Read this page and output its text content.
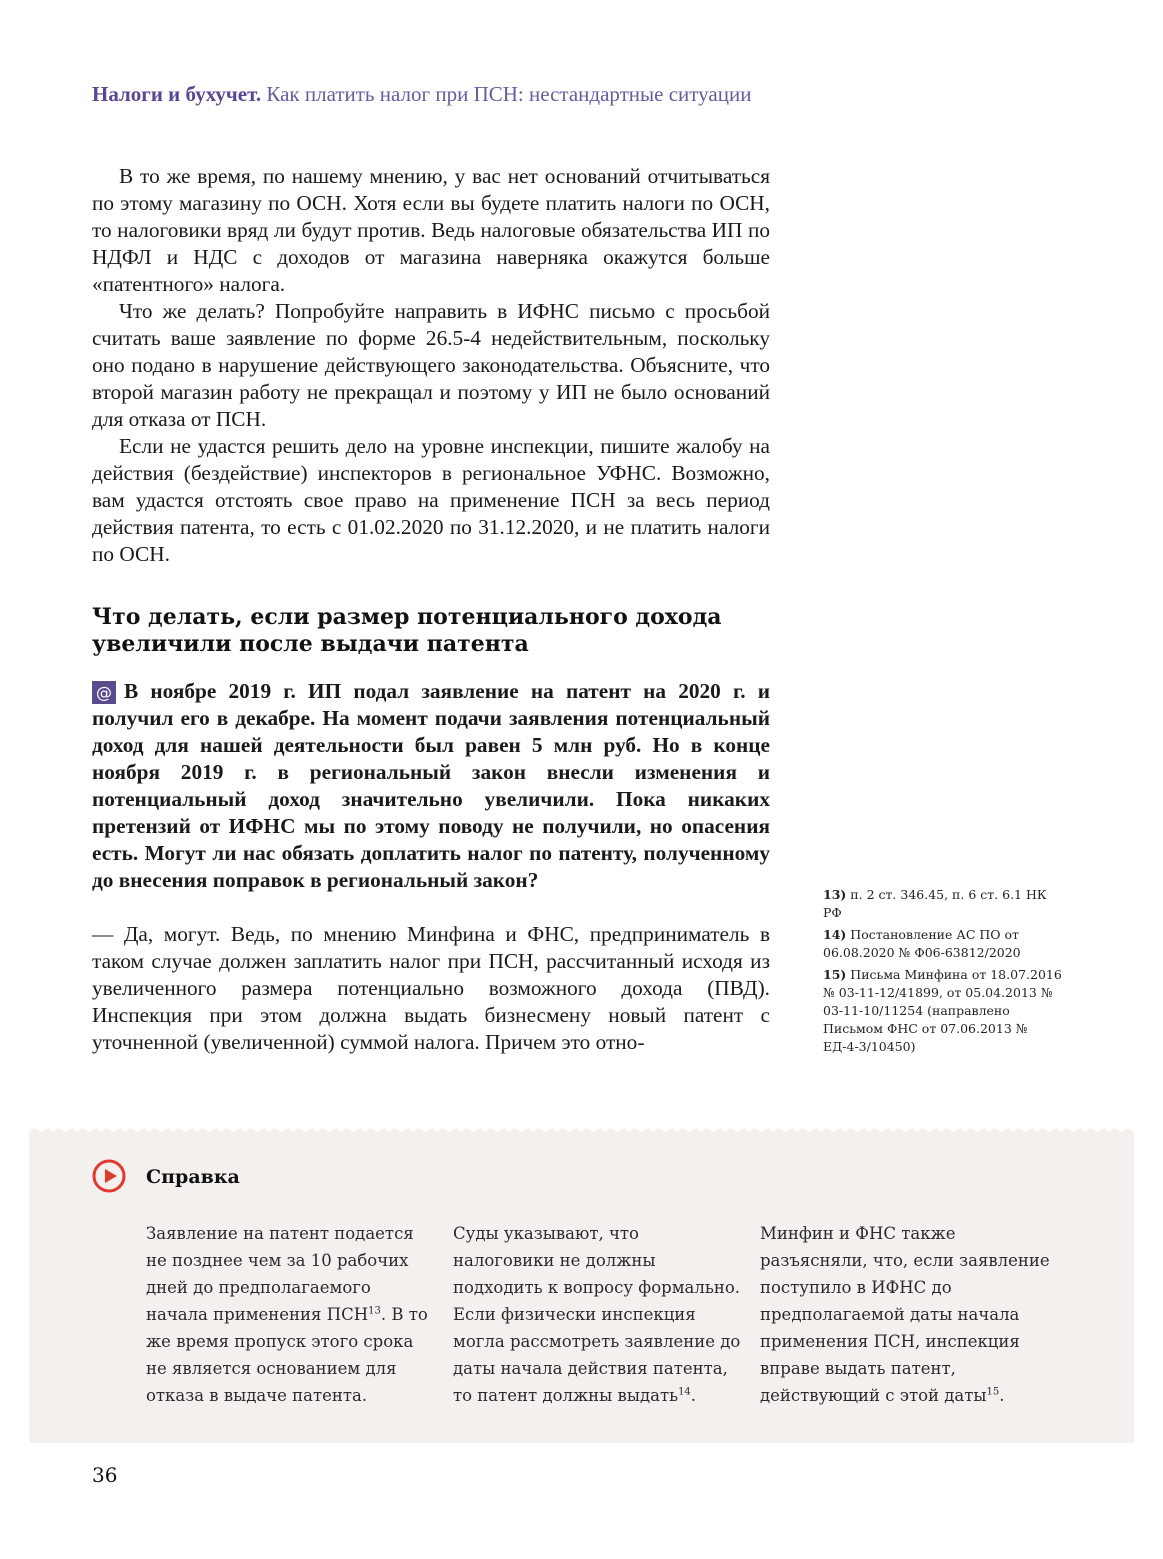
Налоги и бухучет. Как платить налог при ПСН: нестандартные ситуации

В то же время, по нашему мнению, у вас нет оснований отчитываться по этому магазину по ОСН. Хотя если вы будете платить налоги по ОСН, то налоговики вряд ли будут против. Ведь налоговые обязательства ИП по НДФЛ и НДС с доходов от магазина наверняка окажутся больше «патентного» налога.

Что же делать? Попробуйте направить в ИФНС письмо с просьбой считать ваше заявление по форме 26.5-4 недействительным, поскольку оно подано в нарушение действующего законодательства. Объясните, что второй магазин работу не прекращал и поэтому у ИП не было оснований для отказа от ПСН.

Если не удастся решить дело на уровне инспекции, пишите жалобу на действия (бездействие) инспекторов в региональное УФНС. Возможно, вам удастся отстоять свое право на применение ПСН за весь период действия патента, то есть с 01.02.2020 по 31.12.2020, и не платить налоги по ОСН.

Что делать, если размер потенциального дохода увеличили после выдачи патента
@ В ноябре 2019 г. ИП подал заявление на патент на 2020 г. и получил его в декабре. На момент подачи заявления потенциальный доход для нашей деятельности был равен 5 млн руб. Но в конце ноября 2019 г. в региональный закон внесли изменения и потенциальный доход значительно увеличили. Пока никаких претензий от ИФНС мы по этому поводу не получили, но опасения есть. Могут ли нас обязать доплатить налог по патенту, полученному до внесения поправок в региональный закон?
— Да, могут. Ведь, по мнению Минфина и ФНС, предприниматель в таком случае должен заплатить налог при ПСН, рассчитанный исходя из увеличенного размера потенциально возможного дохода (ПВД). Инспекция при этом должна выдать бизнесмену новый патент с уточненной (увеличенной) суммой налога. Причем это отно-
13) п. 2 ст. 346.45, п. 6 ст. 6.1 НК РФ
14) Постановление АС ПО от 06.08.2020 № Ф06-63812/2020
15) Письма Минфина от 18.07.2016 № 03-11-12/41899, от 05.04.2013 № 03-11-10/11254 (направлено Письмом ФНС от 07.06.2013 № ЕД-4-3/10450)
Справка
Заявление на патент подается не позднее чем за 10 рабочих дней до предполагаемого начала применения ПСН$^{13}$. В то же время пропуск этого срока не является основанием для отказа в выдаче патента.
Суды указывают, что налоговики не должны подходить к вопросу формально. Если физически инспекция могла рассмотреть заявление до даты начала действия патента, то патент должны выдать$^{14}$.
Минфин и ФНС также разъясняли, что, если заявление поступило в ИФНС до предполагаемой даты начала применения ПСН, инспекция вправе выдать патент, действующий с этой даты$^{15}$.
36
